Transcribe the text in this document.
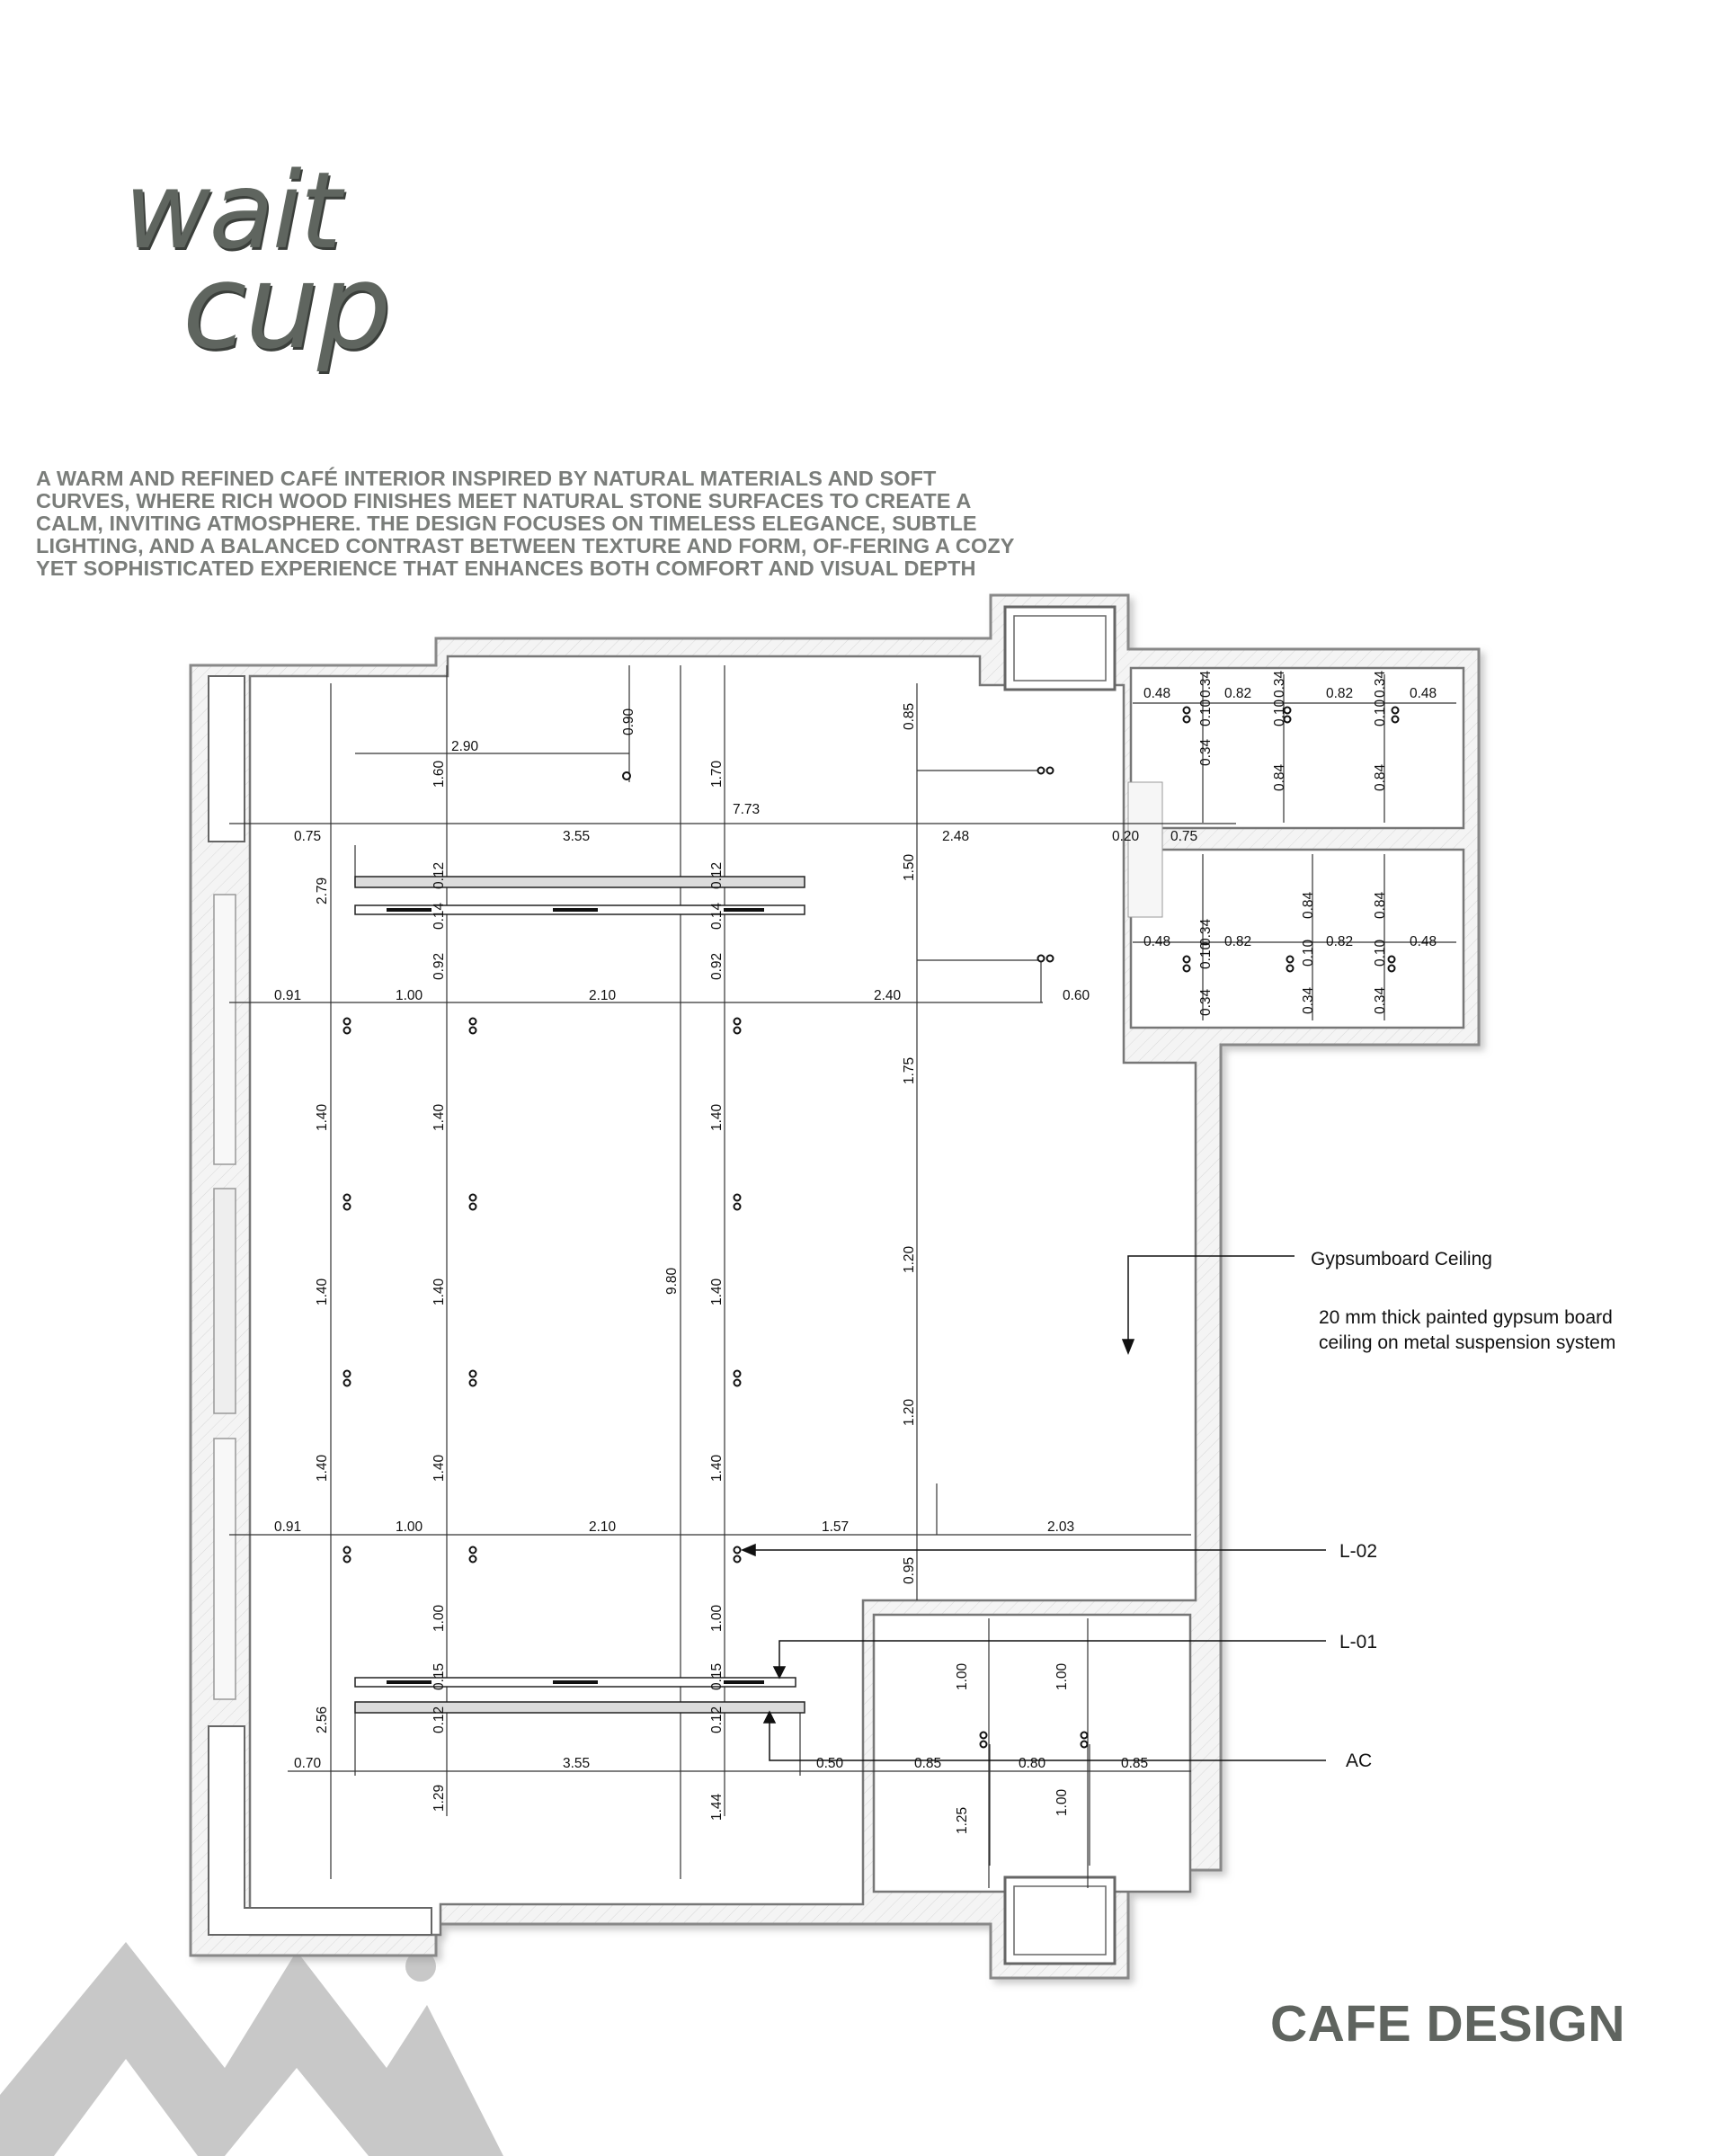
wait
cup

A WARM AND REFINED CAFÉ INTERIOR INSPIRED BY NATURAL MATERIALS AND SOFT CURVES, WHERE RICH WOOD FINISHES MEET NATURAL STONE SURFACES TO CREATE A CALM, INVITING ATMOSPHERE. THE DESIGN FOCUSES ON TIMELESS ELEGANCE, SUBTLE LIGHTING, AND A BALANCED CONTRAST BETWEEN TEXTURE AND FORM, OF-FERING A COZY YET SOPHISTICATED EXPERIENCE THAT ENHANCES BOTH COMFORT AND VISUAL DEPTH

Gypsumboard Ceiling
20 mm thick painted gypsum board
ceiling on metal suspension system
L-02
L-01
AC
2.90
7.73
0.75	3.55	2.48	0.20 0.75
0.91	1.00	2.10	2.40	0.60
0.91	1.00	2.10	1.57	2.03
0.70	3.55	0.50	0.85	0.80	0.85
0.48	0.82	0.82	0.48
0.48	0.82	0.82	0.48
0.90
1.60	1.70
0.85
2.79
0.12
0.14
0.12
0.14
0.92	0.92
1.50
1.40	1.40	1.40
1.40	1.40	1.40
1.40	1.40	1.40
1.75
1.20
1.20
9.80
0.95
1.00	1.00
2.56
0.15
0.12
0.15
0.12
1.29	1.44
1.00	1.00
1.25
1.00
0.34
0.10
0.34
0.34
0.10
0.34
0.10
0.84	0.84
0.34
0.10
0.34
0.84
0.10
0.34
0.84
0.10
0.34
CAFE DESIGN
